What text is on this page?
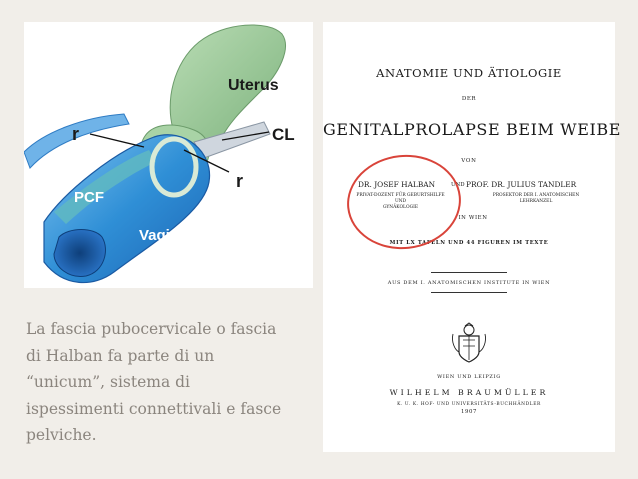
Uterus
r	CL
r
PCF
Vagina
La fascia pubocervicale o fascia
di Halban fa parte di un
“unicum”, sistema di
ispessimenti connettivali e fasce
pelviche.
ANATOMIE UND ÄTIOLOGIE
DER
GENITALPROLAPSE BEIM WEIBE
VON
DR. JOSEF HALBAN	UND PROF. DR. JULIUS TANDLER
PRIVAT-DOZENT FÜR GEBURTSHILFE UND
GYNÄKOLOGIE
PROSEKTOR DER I. ANATOMISCHEN
LEHRKANZEL
IN WIEN
MIT LX TAFELN UND 44 FIGUREN IM TEXTE
AUS DEM I. ANATOMISCHEN INSTITUTE IN WIEN
WIEN UND LEIPZIG
WILHELM BRAUMÜLLER
K. U. K. HOF- UND UNIVERSITÄTS-BUCHHÄNDLER
1907
